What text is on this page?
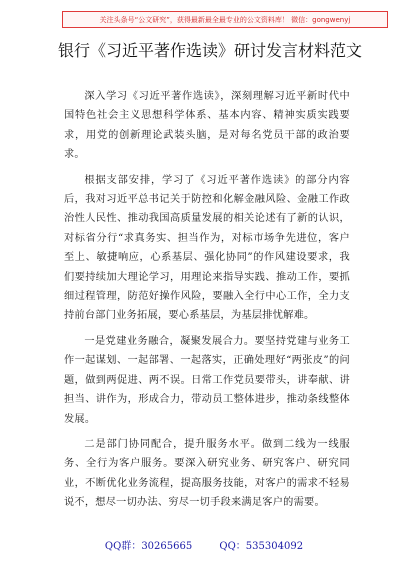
关注头条号“公文研究”，获得最新最全最专业的公文资料库！ 微信：gongwenyj
银行《习近平著作选读》研讨发言材料范文

深入学习《习近平著作选读》，深刻理解习近平新时代中国特色社会主义思想科学体系、基本内容、精神实质实践要求，用党的创新理论武装头脑，是对每名党员干部的政治要求。

根据支部安排，学习了《习近平著作选读》的部分内容后，我对习近平总书记关于防控和化解金融风险、金融工作政治性人民性、推动我国高质量发展的相关论述有了新的认识，对标省分行“求真务实、担当作为，对标市场争先进位，客户至上、敏捷响应，心系基层、强化协同”的作风建设要求，我们要持续加大理论学习，用理论来指导实践、推动工作，要抓细过程管理，防范好操作风险，要融入全行中心工作，全力支持前台部门业务拓展，要心系基层，为基层排忧解难。

一是党建业务融合，凝聚发展合力。要坚持党建与业务工作一起谋划、一起部署、一起落实，正确处理好“两张皮”的问题，做到两促进、两不误。日常工作党员要带头，讲奉献、讲担当、讲作为，形成合力，带动员工整体进步，推动条线整体发展。

二是部门协同配合，提升服务水平。做到二线为一线服务、全行为客户服务。要深入研究业务、研究客户、研究同业，不断优化业务流程，提高服务技能，对客户的需求不轻易说不，想尽一切办法、穷尽一切手段来满足客户的需要。

QQ群：30265665	QQ：535304092
